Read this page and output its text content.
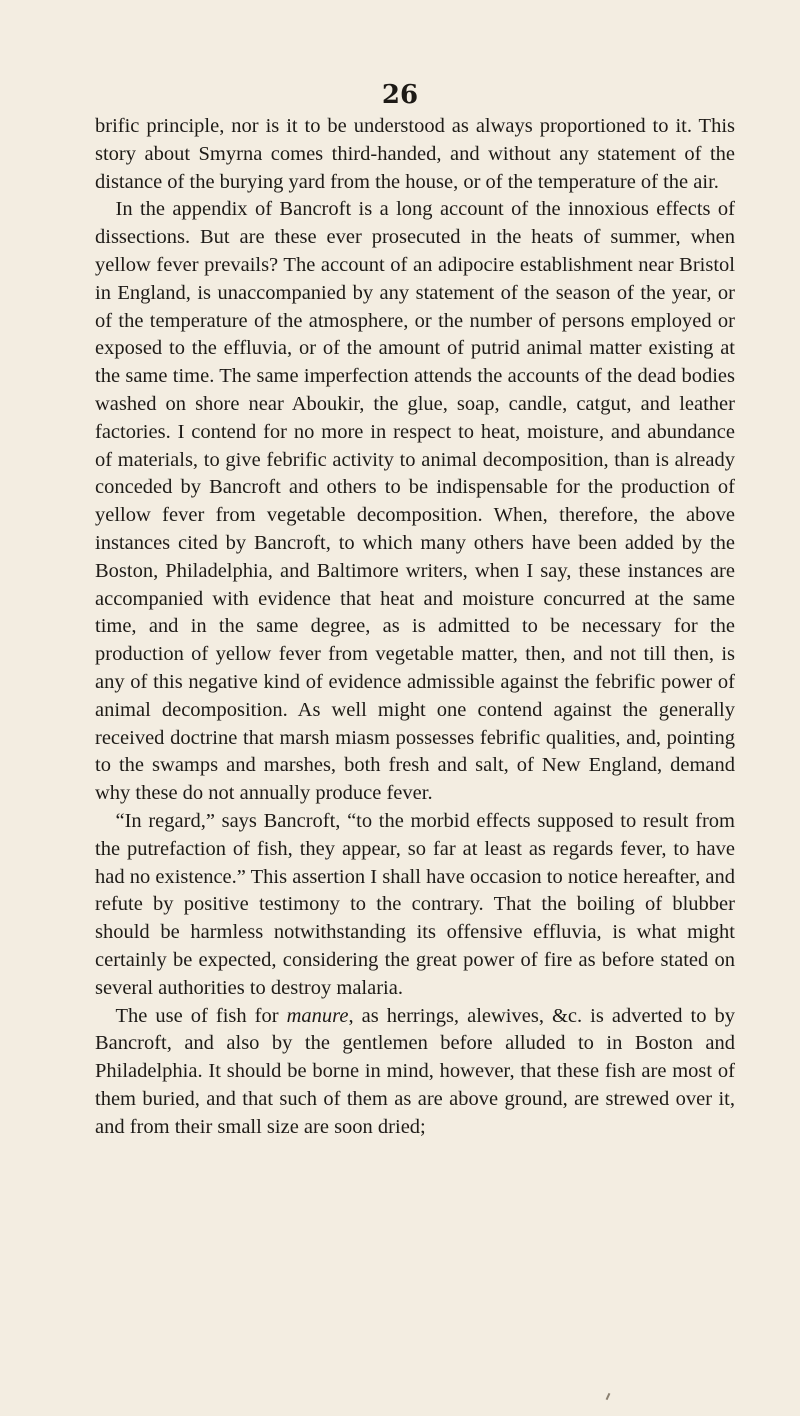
26

brific principle, nor is it to be understood as always proportioned to it. This story about Smyrna comes third-handed, and without any statement of the distance of the burying yard from the house, or of the temperature of the air.

In the appendix of Bancroft is a long account of the innoxious effects of dissections. But are these ever prosecuted in the heats of summer, when yellow fever prevails? The account of an adipocire establishment near Bristol in England, is unaccompanied by any statement of the season of the year, or of the temperature of the atmosphere, or the number of persons employed or exposed to the effluvia, or of the amount of putrid animal matter existing at the same time. The same imperfection attends the accounts of the dead bodies washed on shore near Aboukir, the glue, soap, candle, catgut, and leather factories. I contend for no more in respect to heat, moisture, and abundance of materials, to give febrific activity to animal decomposition, than is already conceded by Bancroft and others to be indispensable for the production of yellow fever from vegetable decomposition. When, therefore, the above instances cited by Bancroft, to which many others have been added by the Boston, Philadelphia, and Baltimore writers, when I say, these instances are accompanied with evidence that heat and moisture concurred at the same time, and in the same degree, as is admitted to be necessary for the production of yellow fever from vegetable matter, then, and not till then, is any of this negative kind of evidence admissible against the febrific power of animal decomposition. As well might one contend against the generally received doctrine that marsh miasm possesses febrific qualities, and, pointing to the swamps and marshes, both fresh and salt, of New England, demand why these do not annually produce fever.

“In regard,” says Bancroft, “to the morbid effects supposed to result from the putrefaction of fish, they appear, so far at least as regards fever, to have had no existence.” This assertion I shall have occasion to notice hereafter, and refute by positive testimony to the contrary. That the boiling of blubber should be harmless notwithstanding its offensive effluvia, is what might certainly be expected, considering the great power of fire as before stated on several authorities to destroy malaria.

The use of fish for manure, as herrings, alewives, &c. is adverted to by Bancroft, and also by the gentlemen before alluded to in Boston and Philadelphia. It should be borne in mind, however, that these fish are most of them buried, and that such of them as are above ground, are strewed over it, and from their small size are soon dried;
